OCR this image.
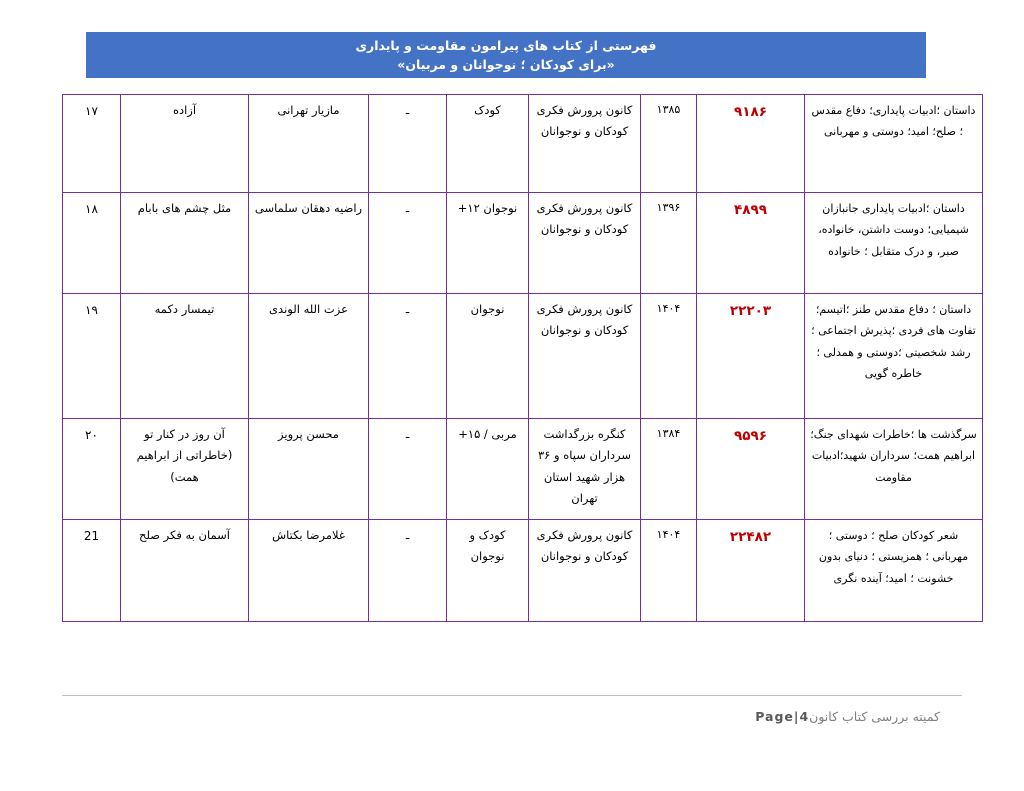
فهرستی از کتاب های پیرامون مقاومت و پایداری
«برای کودکان ؛ نوجوانان و مربیان»
داستان ؛ادبیات پایداری؛ دفاع مقدس ؛ صلح؛ امید؛ دوستی و مهربانی	۹۱۸۶	۱۳۸۵	کانون پرورش فکری کودکان و نوجوانان	کودک	ـ	مازیار تهرانی	آزاده	۱۷
داستان ؛ادبیات پایداری جانبازان شیمیایی؛ دوست داشتن، خانواده، صبر، و درک متقابل ؛ خانواده	۴۸۹۹	۱۳۹۶	کانون پرورش فکری کودکان و نوجوانان	نوجوان ۱۲+	ـ	راضیه دهقان سلماسی	مثل چشم های بابام	۱۸
داستان ؛ دفاع مقدس طنز ؛اتیسم؛ تفاوت های فردی ؛پذیرش اجتماعی ؛رشد شخصیتی ؛دوستی و همدلی ؛خاطره گویی	۲۲۲۰۳	۱۴۰۴	کانون پرورش فکری کودکان و نوجوانان	نوجوان	ـ	عزت الله الوندی	تیمسار دکمه	۱۹
سرگذشت ها ؛خاطرات شهدای جنگ؛ ابراهیم همت؛ سرداران شهید؛ادبیات مقاومت	۹۵۹۶	۱۳۸۴	کنگره بزرگداشت سرداران سپاه و ۳۶ هزار شهید استان تهران	مربی / ۱۵+	ـ	محسن پرویز	آن روز در کنار تو (خاطراتی از ابراهیم همت)	۲۰
شعر کودکان صلح ؛ دوستی ؛ مهربانی ؛ همزیستی ؛ دنیای بدون خشونت ؛ امید؛ آینده نگری	۲۲۴۸۲	۱۴۰۴	کانون پرورش فکری کودکان و نوجوانان	کودک و نوجوان	ـ	غلامرضا بکتاش	آسمان به فکر صلح	21
کمیته بررسی کتاب کانونPage|4
